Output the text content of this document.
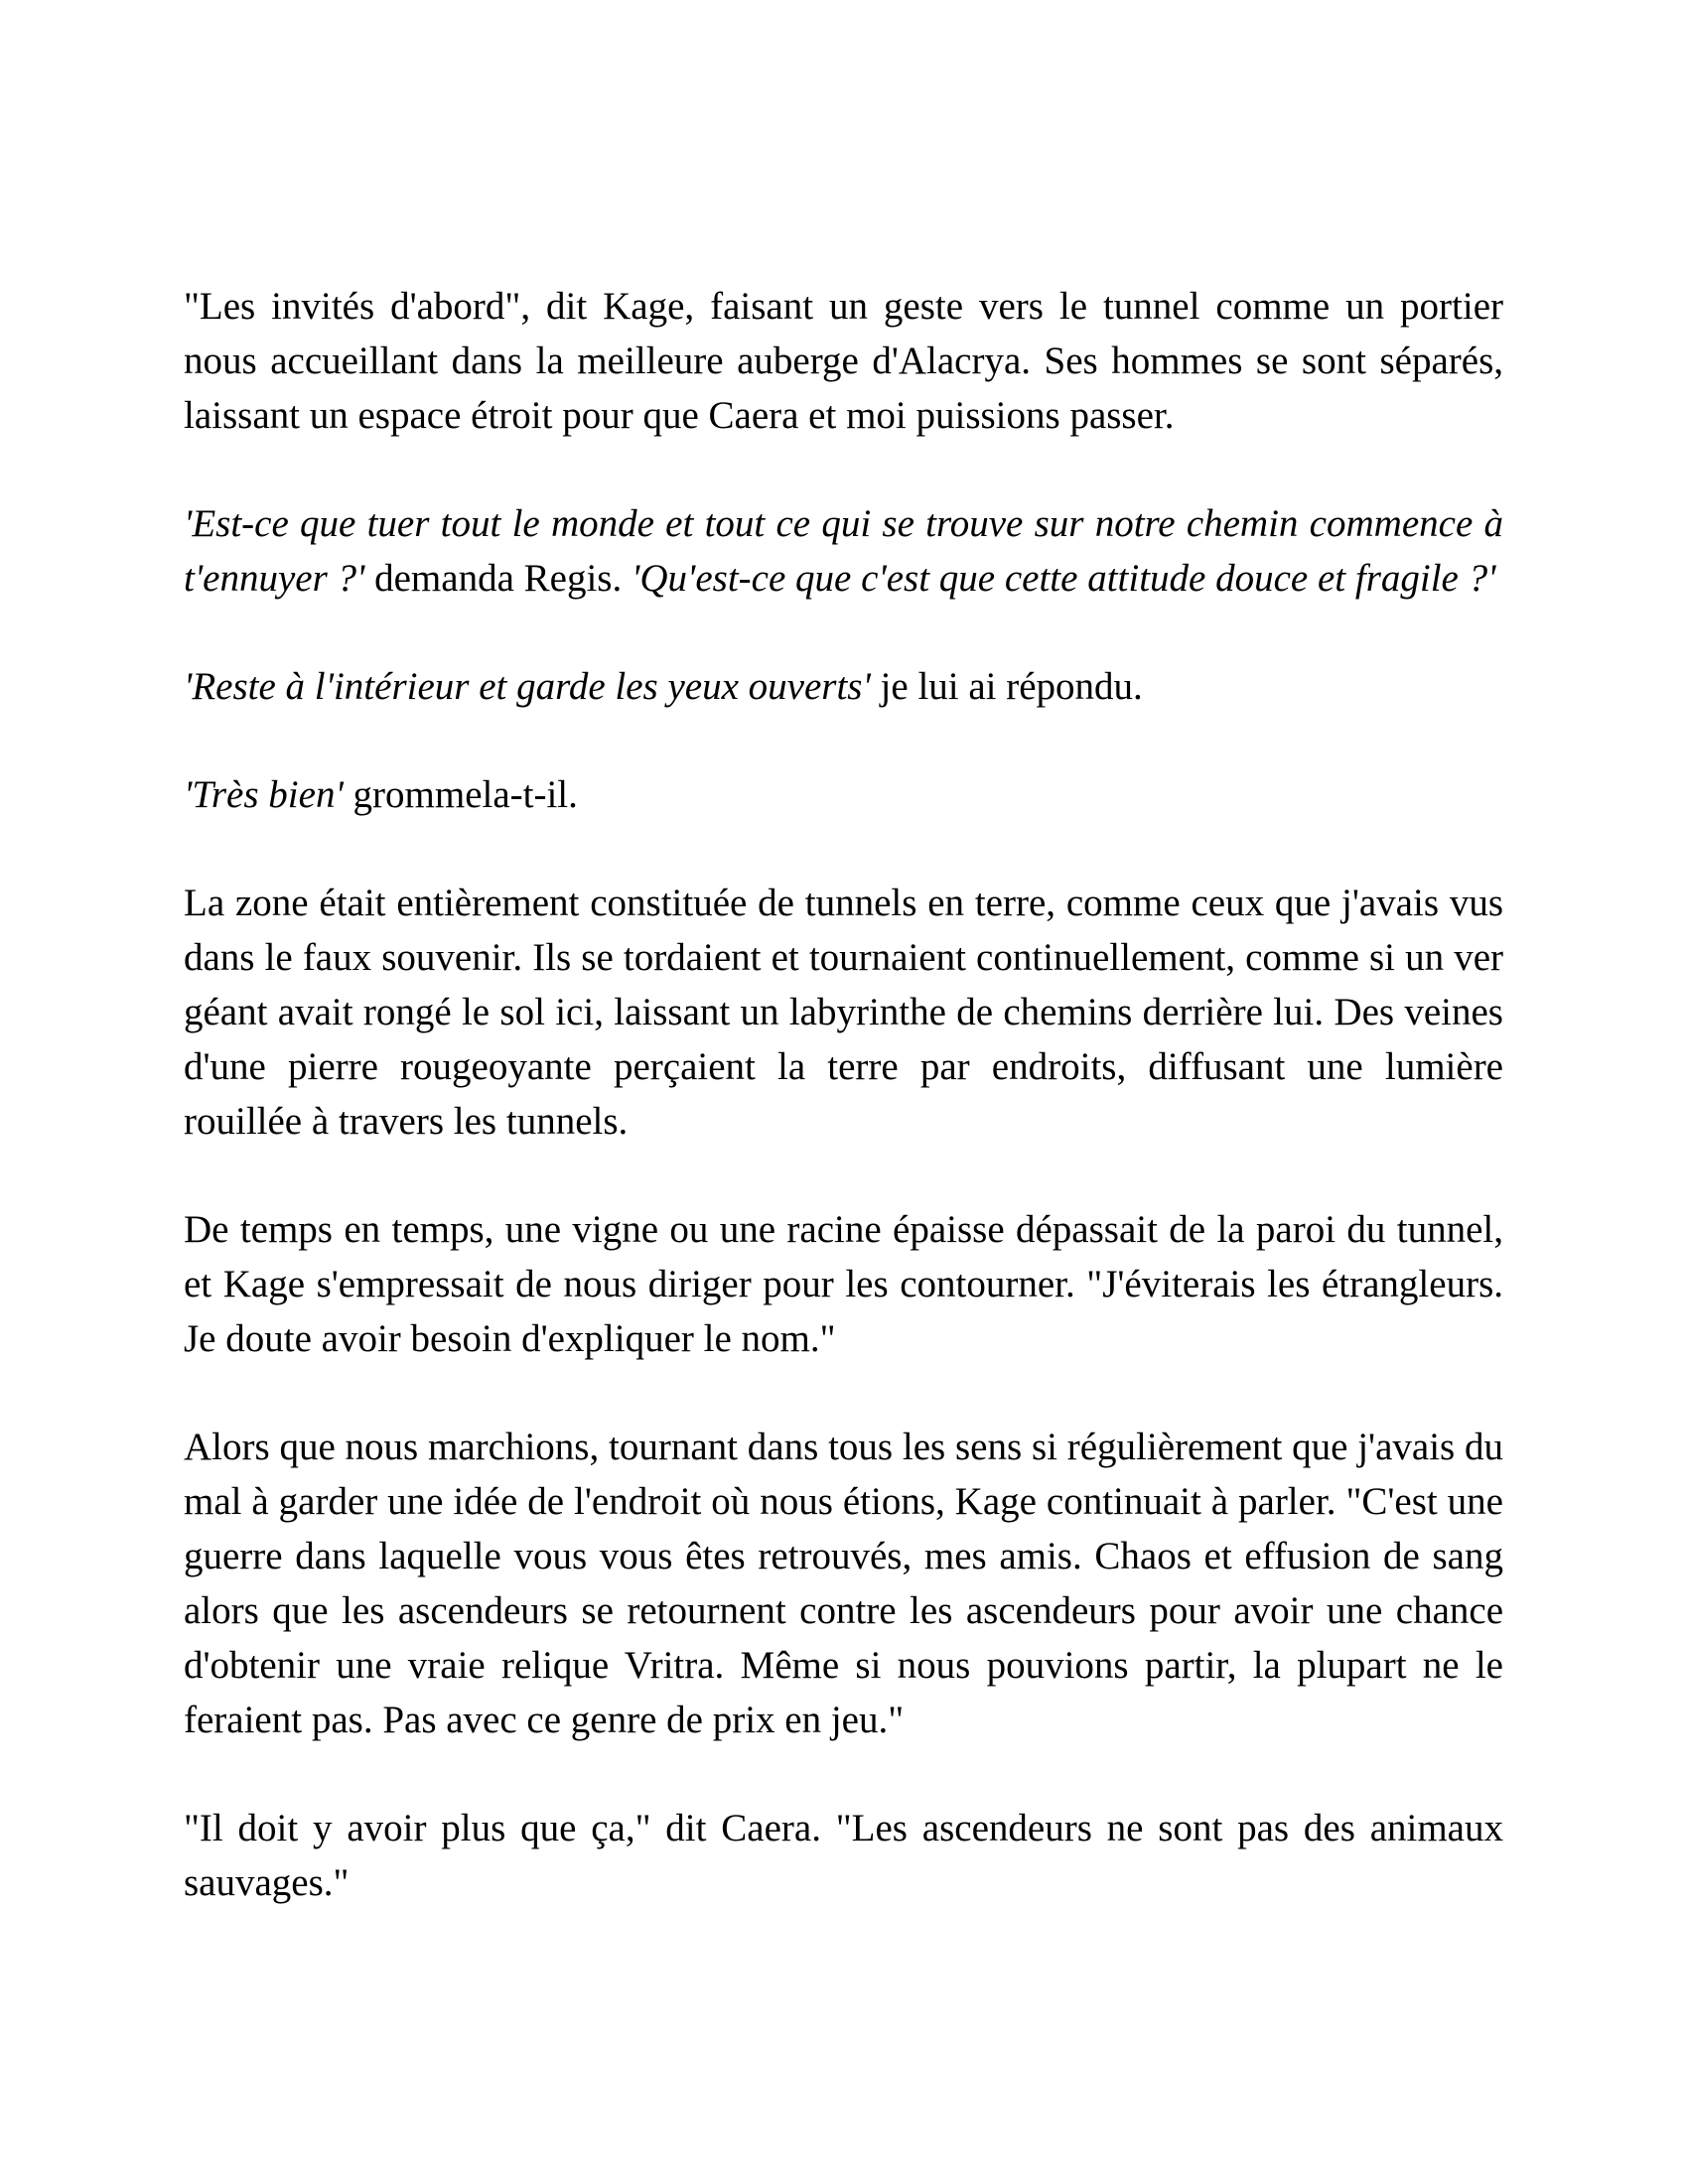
"Les invités d'abord", dit Kage, faisant un geste vers le tunnel comme un portier nous accueillant dans la meilleure auberge d'Alacrya. Ses hommes se sont séparés, laissant un espace étroit pour que Caera et moi puissions passer.

'Est-ce que tuer tout le monde et tout ce qui se trouve sur notre chemin commence à t'ennuyer ?' demanda Regis. 'Qu'est-ce que c'est que cette attitude douce et fragile ?'

'Reste à l'intérieur et garde les yeux ouverts' je lui ai répondu.

'Très bien' grommela-t-il.

La zone était entièrement constituée de tunnels en terre, comme ceux que j'avais vus dans le faux souvenir. Ils se tordaient et tournaient continuellement, comme si un ver géant avait rongé le sol ici, laissant un labyrinthe de chemins derrière lui. Des veines d'une pierre rougeoyante perçaient la terre par endroits, diffusant une lumière rouillée à travers les tunnels.

De temps en temps, une vigne ou une racine épaisse dépassait de la paroi du tunnel, et Kage s'empressait de nous diriger pour les contourner. "J'éviterais les étrangleurs. Je doute avoir besoin d'expliquer le nom."

Alors que nous marchions, tournant dans tous les sens si régulièrement que j'avais du mal à garder une idée de l'endroit où nous étions, Kage continuait à parler. "C'est une guerre dans laquelle vous vous êtes retrouvés, mes amis. Chaos et effusion de sang alors que les ascendeurs se retournent contre les ascendeurs pour avoir une chance d'obtenir une vraie relique Vritra. Même si nous pouvions partir, la plupart ne le feraient pas. Pas avec ce genre de prix en jeu."

"Il doit y avoir plus que ça," dit Caera. "Les ascendeurs ne sont pas des animaux sauvages."
